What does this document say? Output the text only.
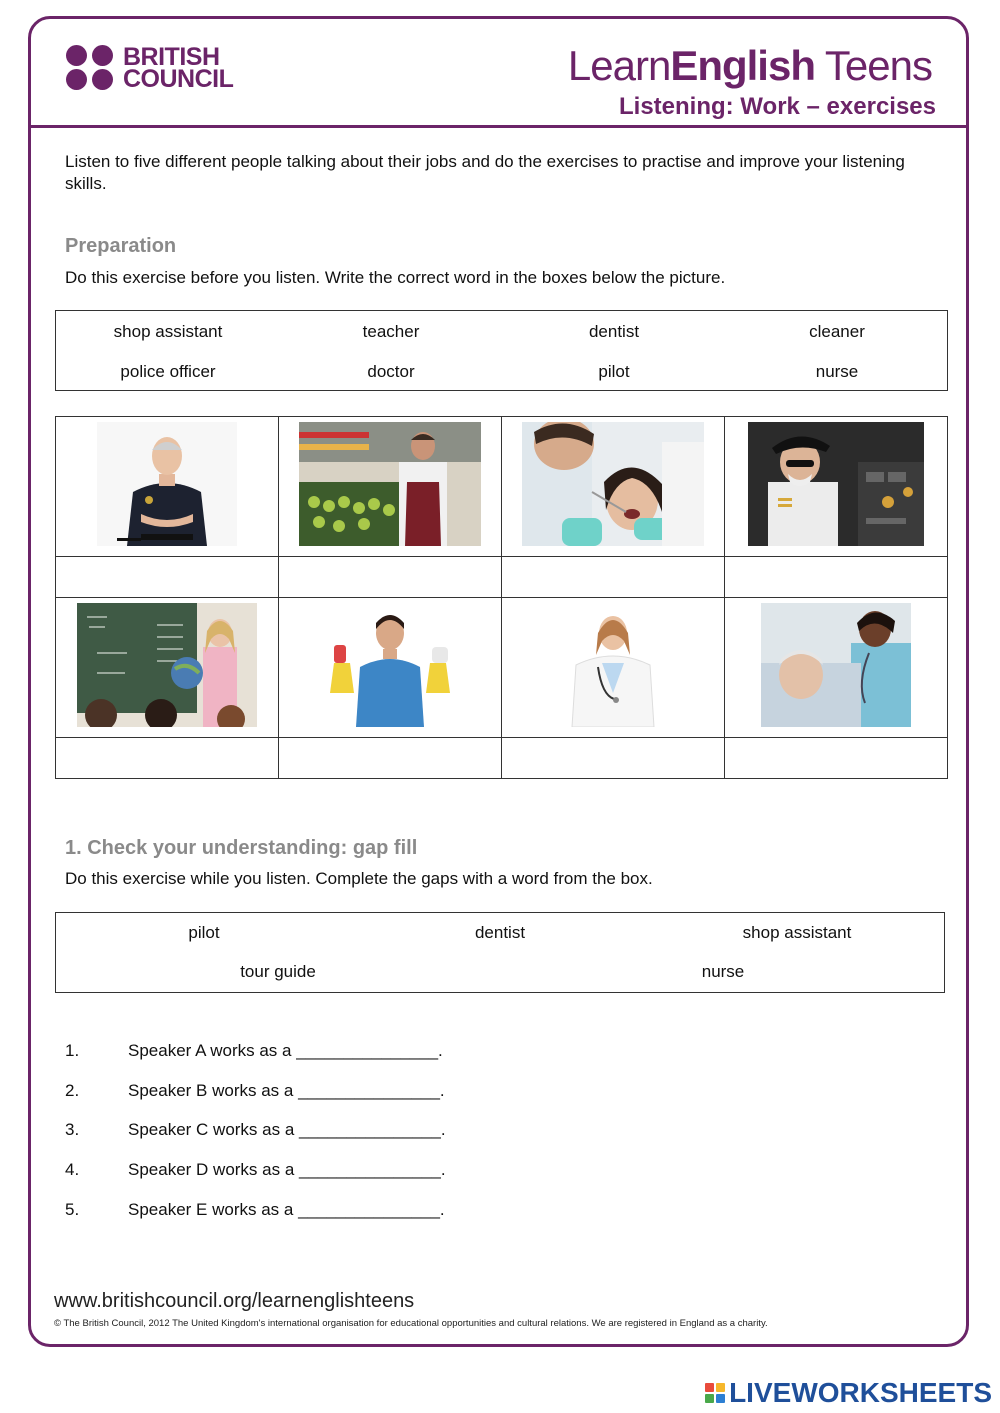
BRITISH
COUNCIL	LearnEnglish Teens
Listening: Work – exercises
Listen to five different people talking about their jobs and do the exercises to practise and improve your listening skills.
Preparation
Do this exercise before you listen. Write the correct word in the boxes below the picture.
shop assistant	teacher	dentist	cleaner
police officer	doctor	pilot	nurse

1. Check your understanding: gap fill
Do this exercise while you listen. Complete the gaps with a word from the box.
pilot	dentist	shop assistant
tour guide	nurse
1.	Speaker A works as a _______________.
2.	Speaker B works as a _______________.
3.	Speaker C works as a _______________.
4.	Speaker D works as a _______________.
5.	Speaker E works as a _______________.
www.britishcouncil.org/learnenglishteens
© The British Council, 2012 The United Kingdom's international organisation for educational opportunities and cultural relations. We are registered in England as a charity.
LIVEWORKSHEETS
